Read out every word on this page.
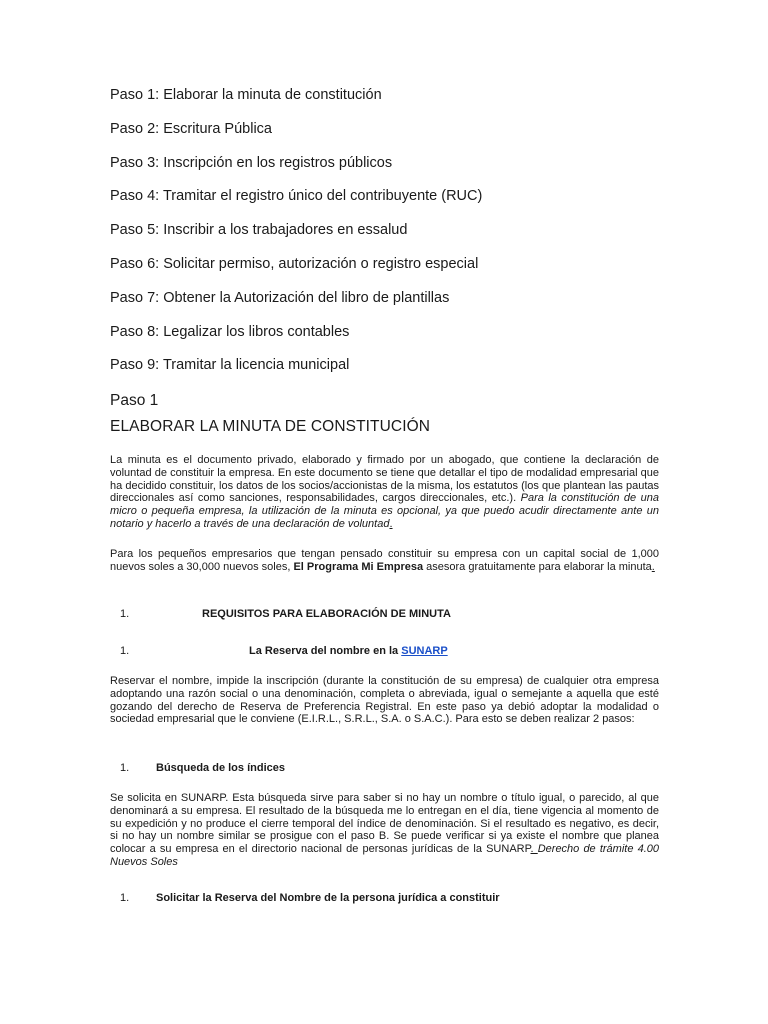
Paso 1: Elaborar la minuta de constitución
Paso 2: Escritura Pública
Paso 3: Inscripción en los registros públicos
Paso 4: Tramitar el registro único del contribuyente (RUC)
Paso 5: Inscribir a los trabajadores en essalud
Paso 6: Solicitar permiso, autorización o registro especial
Paso 7: Obtener la Autorización del libro de plantillas
Paso 8: Legalizar los libros contables
Paso 9: Tramitar la licencia municipal
Paso 1
ELABORAR LA MINUTA DE CONSTITUCIÓN
La minuta es el documento privado, elaborado y firmado por un abogado, que contiene la declaración de voluntad de constituir la empresa. En este documento se tiene que detallar el tipo de modalidad empresarial que ha decidido constituir, los datos de los socios/accionistas de la misma, los estatutos (los que plantean las pautas direccionales así como sanciones, responsabilidades, cargos direccionales, etc.). Para la constitución de una micro o pequeña empresa, la utilización de la minuta es opcional, ya que puedo acudir directamente ante un notario y hacerlo a través de una declaración de voluntad.
Para los pequeños empresarios que tengan pensado constituir su empresa con un capital social de 1,000 nuevos soles a 30,000 nuevos soles, El Programa Mi Empresa asesora gratuitamente para elaborar la minuta.
1.	REQUISITOS PARA ELABORACIÓN DE MINUTA
1.	La Reserva del nombre en la SUNARP
Reservar el nombre, impide la inscripción (durante la constitución de su empresa) de cualquier otra empresa adoptando una razón social o una denominación, completa o abreviada, igual o semejante a aquella que esté gozando del derecho de Reserva de Preferencia Registral. En este paso ya debió adoptar la modalidad o sociedad empresarial que le conviene (E.I.R.L., S.R.L., S.A. o S.A.C.). Para esto se deben realizar 2 pasos:
1. Búsqueda de los índices
Se solicita en SUNARP. Esta búsqueda sirve para saber si no hay un nombre o título igual, o parecido, al que denominará a su empresa. El resultado de la búsqueda me lo entregan en el día, tiene vigencia al momento de su expedición y no produce el cierre temporal del índice de denominación. Si el resultado es negativo, es decir, si no hay un nombre similar se prosigue con el paso B. Se puede verificar si ya existe el nombre que planea colocar a su empresa en el directorio nacional de personas jurídicas de la SUNARP. Derecho de trámite 4.00 Nuevos Soles
1. Solicitar la Reserva del Nombre de la persona jurídica a constituir
